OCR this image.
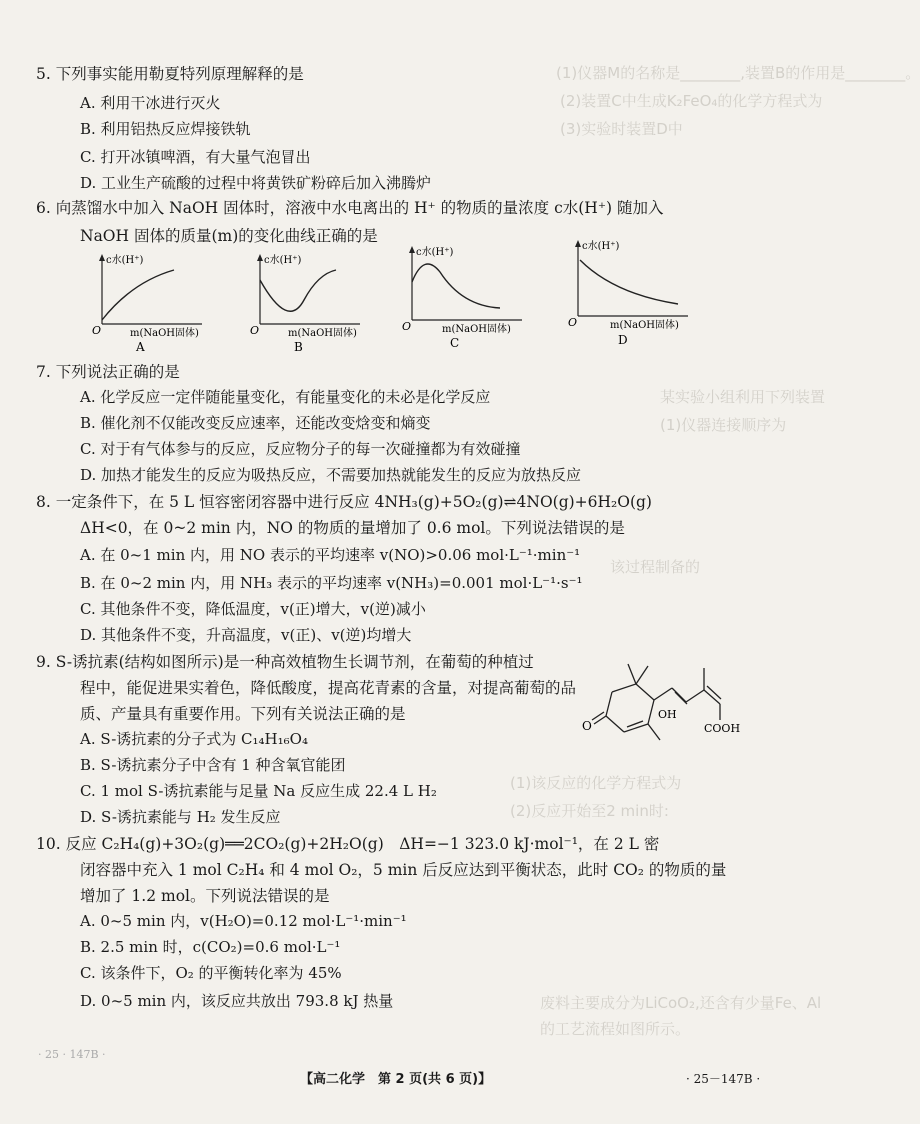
(1)仪器M的名称是________,装置B的作用是________。
(2)装置C中生成K₂FeO₄的化学方程式为
(3)实验时装置D中
某实验小组利用下列装置
(1)仪器连接顺序为
(1)该反应的化学方程式为
(2)反应开始至2 min时:
该过程制备的
废料主要成分为LiCoO₂,还含有少量Fe、Al
的工艺流程如图所示。
5. 下列事实能用勒夏特列原理解释的是
A. 利用干冰进行灭火
B. 利用铝热反应焊接铁轨
C. 打开冰镇啤酒，有大量气泡冒出
D. 工业生产硫酸的过程中将黄铁矿粉碎后加入沸腾炉
6. 向蒸馏水中加入 NaOH 固体时，溶液中水电离出的 H⁺ 的物质的量浓度 c水(H⁺) 随加入
NaOH 固体的质量(m)的变化曲线正确的是
c水(H⁺)
O	m(NaOH固体)
A
c水(H⁺)
O	m(NaOH固体)
B
c水(H⁺)
O	m(NaOH固体)
C
c水(H⁺)
O	m(NaOH固体)
D
7. 下列说法正确的是
A. 化学反应一定伴随能量变化，有能量变化的未必是化学反应
B. 催化剂不仅能改变反应速率，还能改变焓变和熵变
C. 对于有气体参与的反应，反应物分子的每一次碰撞都为有效碰撞
D. 加热才能发生的反应为吸热反应，不需要加热就能发生的反应为放热反应
8. 一定条件下，在 5 L 恒容密闭容器中进行反应 4NH₃(g)+5O₂(g)⇌4NO(g)+6H₂O(g)
ΔH<0，在 0~2 min 内，NO 的物质的量增加了 0.6 mol。下列说法错误的是
A. 在 0~1 min 内，用 NO 表示的平均速率 v(NO)>0.06 mol·L⁻¹·min⁻¹
B. 在 0~2 min 内，用 NH₃ 表示的平均速率 v(NH₃)=0.001 mol·L⁻¹·s⁻¹
C. 其他条件不变，降低温度，v(正)增大，v(逆)减小
D. 其他条件不变，升高温度，v(正)、v(逆)均增大
9. S-诱抗素(结构如图所示)是一种高效植物生长调节剂，在葡萄的种植过
程中，能促进果实着色，降低酸度，提高花青素的含量，对提高葡萄的品
质、产量具有重要作用。下列有关说法正确的是
A. S-诱抗素的分子式为 C₁₄H₁₆O₄
B. S-诱抗素分子中含有 1 种含氧官能团
C. 1 mol S-诱抗素能与足量 Na 反应生成 22.4 L H₂
D. S-诱抗素能与 H₂ 发生反应
O
OH
COOH
10. 反应 C₂H₄(g)+3O₂(g)══2CO₂(g)+2H₂O(g)　ΔH=−1 323.0 kJ·mol⁻¹，在 2 L 密
闭容器中充入 1 mol C₂H₄ 和 4 mol O₂，5 min 后反应达到平衡状态，此时 CO₂ 的物质的量
增加了 1.2 mol。下列说法错误的是
A. 0~5 min 内，v(H₂O)=0.12 mol·L⁻¹·min⁻¹
B. 2.5 min 时，c(CO₂)=0.6 mol·L⁻¹
C. 该条件下，O₂ 的平衡转化率为 45%
D. 0~5 min 内，该反应共放出 793.8 kJ 热量
· 25 · 147B ·
【高二化学　第 2 页(共 6 页)】	· 25－147B ·
